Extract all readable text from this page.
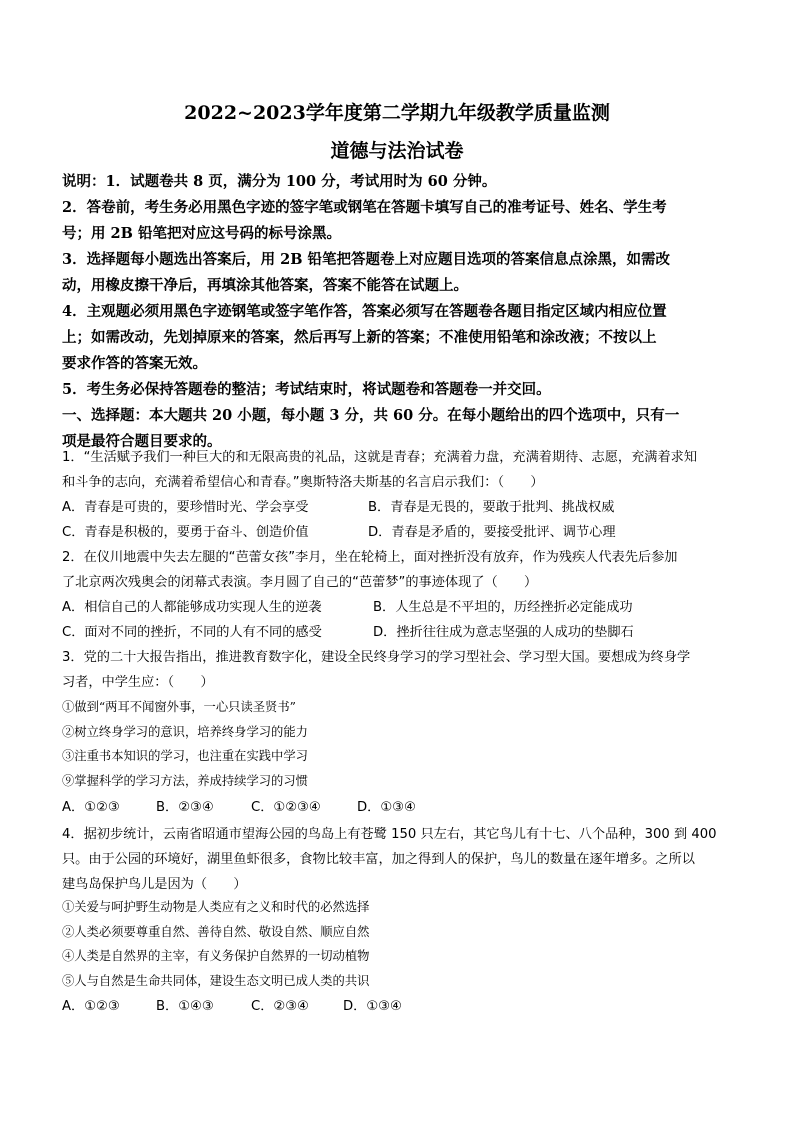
2022~2023学年度第二学期九年级教学质量监测
道德与法治试卷
说明：1．试题卷共 8 页，满分为 100 分，考试用时为 60 分钟。
2．答卷前，考生务必用黑色字迹的签字笔或钢笔在答题卡填写自己的准考证号、姓名、学生考
号；用 2B 铅笔把对应这号码的标号涂黑。
3．选择题每小题选出答案后，用 2B 铅笔把答题卷上对应题目选项的答案信息点涂黑，如需改
动，用橡皮擦干净后，再填涂其他答案，答案不能答在试题上。
4．主观题必须用黑色字迹钢笔或签字笔作答，答案必须写在答题卷各题目指定区域内相应位置
上；如需改动，先划掉原来的答案，然后再写上新的答案；不准使用铅笔和涂改液；不按以上
要求作答的答案无效。
5．考生务必保持答题卷的整洁；考试结束时，将试题卷和答题卷一并交回。
一、选择题：本大题共 20 小题，每小题 3 分，共 60 分。在每小题给出的四个选项中，只有一
项是最符合题目要求的。
1．“生活赋予我们一种巨大的和无限高贵的礼品，这就是青春；充满着力盘，充满着期待、志愿，充满着求知
和斗争的志向，充满着希望信心和青春。”奥斯特洛夫斯基的名言启示我们：（　　）
A．青春是可贵的，要珍惜时光、学会享受	B．青春是无畏的，要敢于批判、挑战权威
C．青春是积极的，要勇于奋斗、创造价值	D．青春是矛盾的，要接受批评、调节心理
2．在仪川地震中失去左腿的“芭蕾女孩”李月，坐在轮椅上，面对挫折没有放弃，作为残疾人代表先后参加
了北京两次残奥会的闭幕式表演。李月圆了自己的“芭蕾梦”的事迹体现了（　　）
A．相信自己的人都能够成功实现人生的逆袭	B．人生总是不平坦的，历经挫折必定能成功
C．面对不同的挫折，不同的人有不同的感受	D．挫折往往成为意志坚强的人成功的垫脚石
3．党的二十大报告指出，推进教育数字化，建设全民终身学习的学习型社会、学习型大国。要想成为终身学
习者，中学生应：（　　）
①做到“两耳不闻窗外事，一心只读圣贤书”
②树立终身学习的意识，培养终身学习的能力
③注重书本知识的学习，也注重在实践中学习
⑨掌握科学的学习方法，养成持续学习的习惯
A．①②③	B．②③④	C．①②③④	D．①③④
4．据初步统计，云南省昭通市望海公园的鸟岛上有苍鹭 150 只左右，其它鸟儿有十七、八个品种，300 到 400
只。由于公园的环境好，湖里鱼虾很多，食物比较丰富，加之得到人的保护，鸟儿的数量在逐年增多。之所以
建鸟岛保护鸟儿是因为（　　）
①关爱与呵护野生动物是人类应有之义和时代的必然选择
②人类必须要尊重自然、善待自然、敬设自然、顺应自然
④人类是自然界的主宰，有义务保护自然界的一切动植物
⑤人与自然是生命共同体，建设生态文明已成人类的共识
A．①②③	B．①④③	C．②③④	D．①③④
